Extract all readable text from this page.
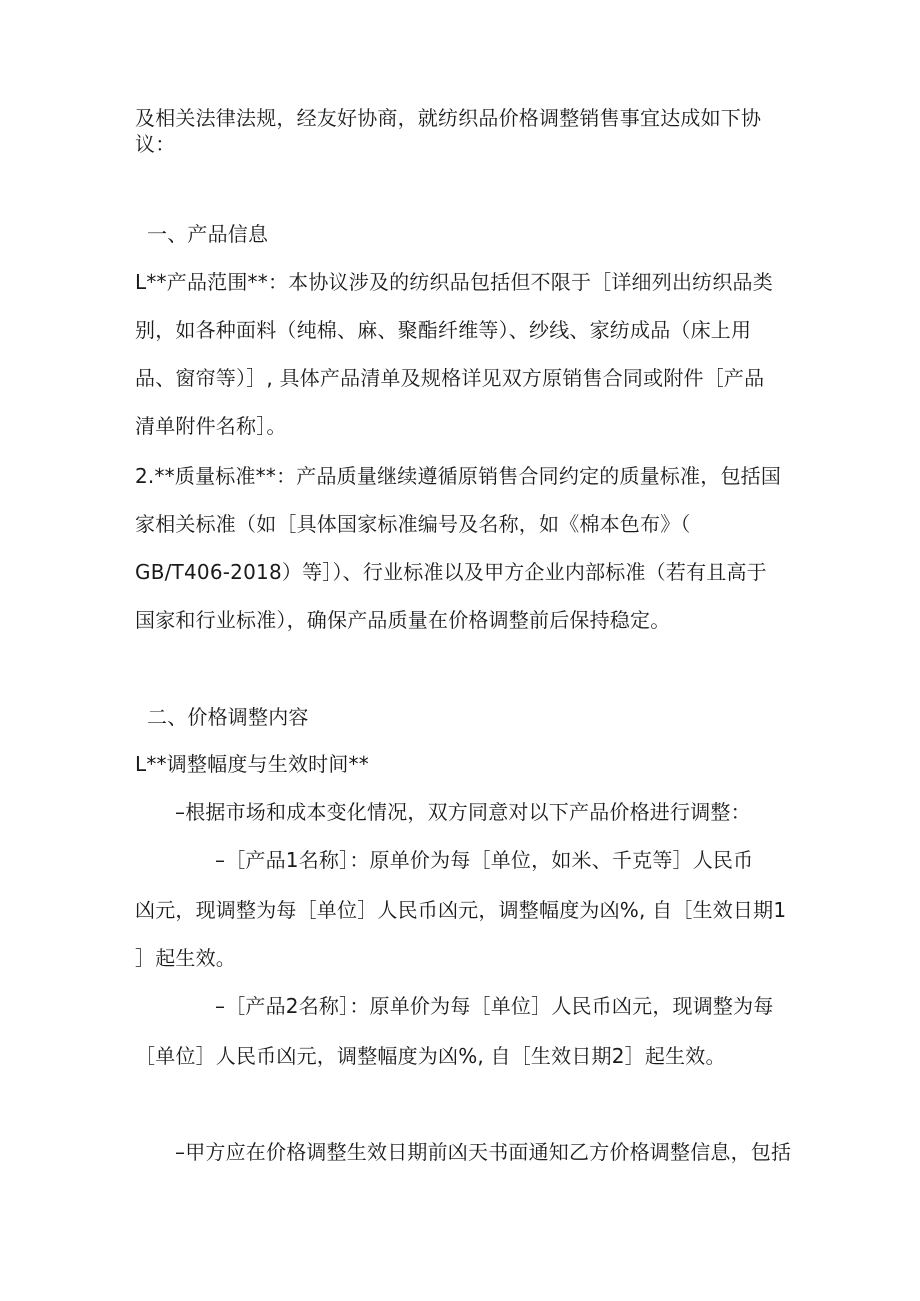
及相关法律法规，经友好协商，就纺织品价格调整销售事宜达成如下协
议：
一、产品信息
L**产品范围**：本协议涉及的纺织品包括但不限于［详细列出纺织品类
别，如各种面料（纯棉、麻、聚酯纤维等）、纱线、家纺成品（床上用
品、窗帘等）］, 具体产品清单及规格详见双方原销售合同或附件［产品
清单附件名称］。
2.**质量标准**：产品质量继续遵循原销售合同约定的质量标准，包括国
家相关标准（如［具体国家标准编号及名称，如《棉本色布》（
GB/T406-2018）等］）、行业标准以及甲方企业内部标准（若有且高于
国家和行业标准），确保产品质量在价格调整前后保持稳定。
二、价格调整内容
L**调整幅度与生效时间**
–根据市场和成本变化情况，双方同意对以下产品价格进行调整：
–［产品1名称］：原单价为每［单位，如米、千克等］人民币
凶元，现调整为每［单位］人民币凶元，调整幅度为凶%, 自［生效日期1
］起生效。
–［产品2名称］：原单价为每［单位］人民币凶元，现调整为每
［单位］人民币凶元，调整幅度为凶%, 自［生效日期2］起生效。
–甲方应在价格调整生效日期前凶天书面通知乙方价格调整信息，包括
